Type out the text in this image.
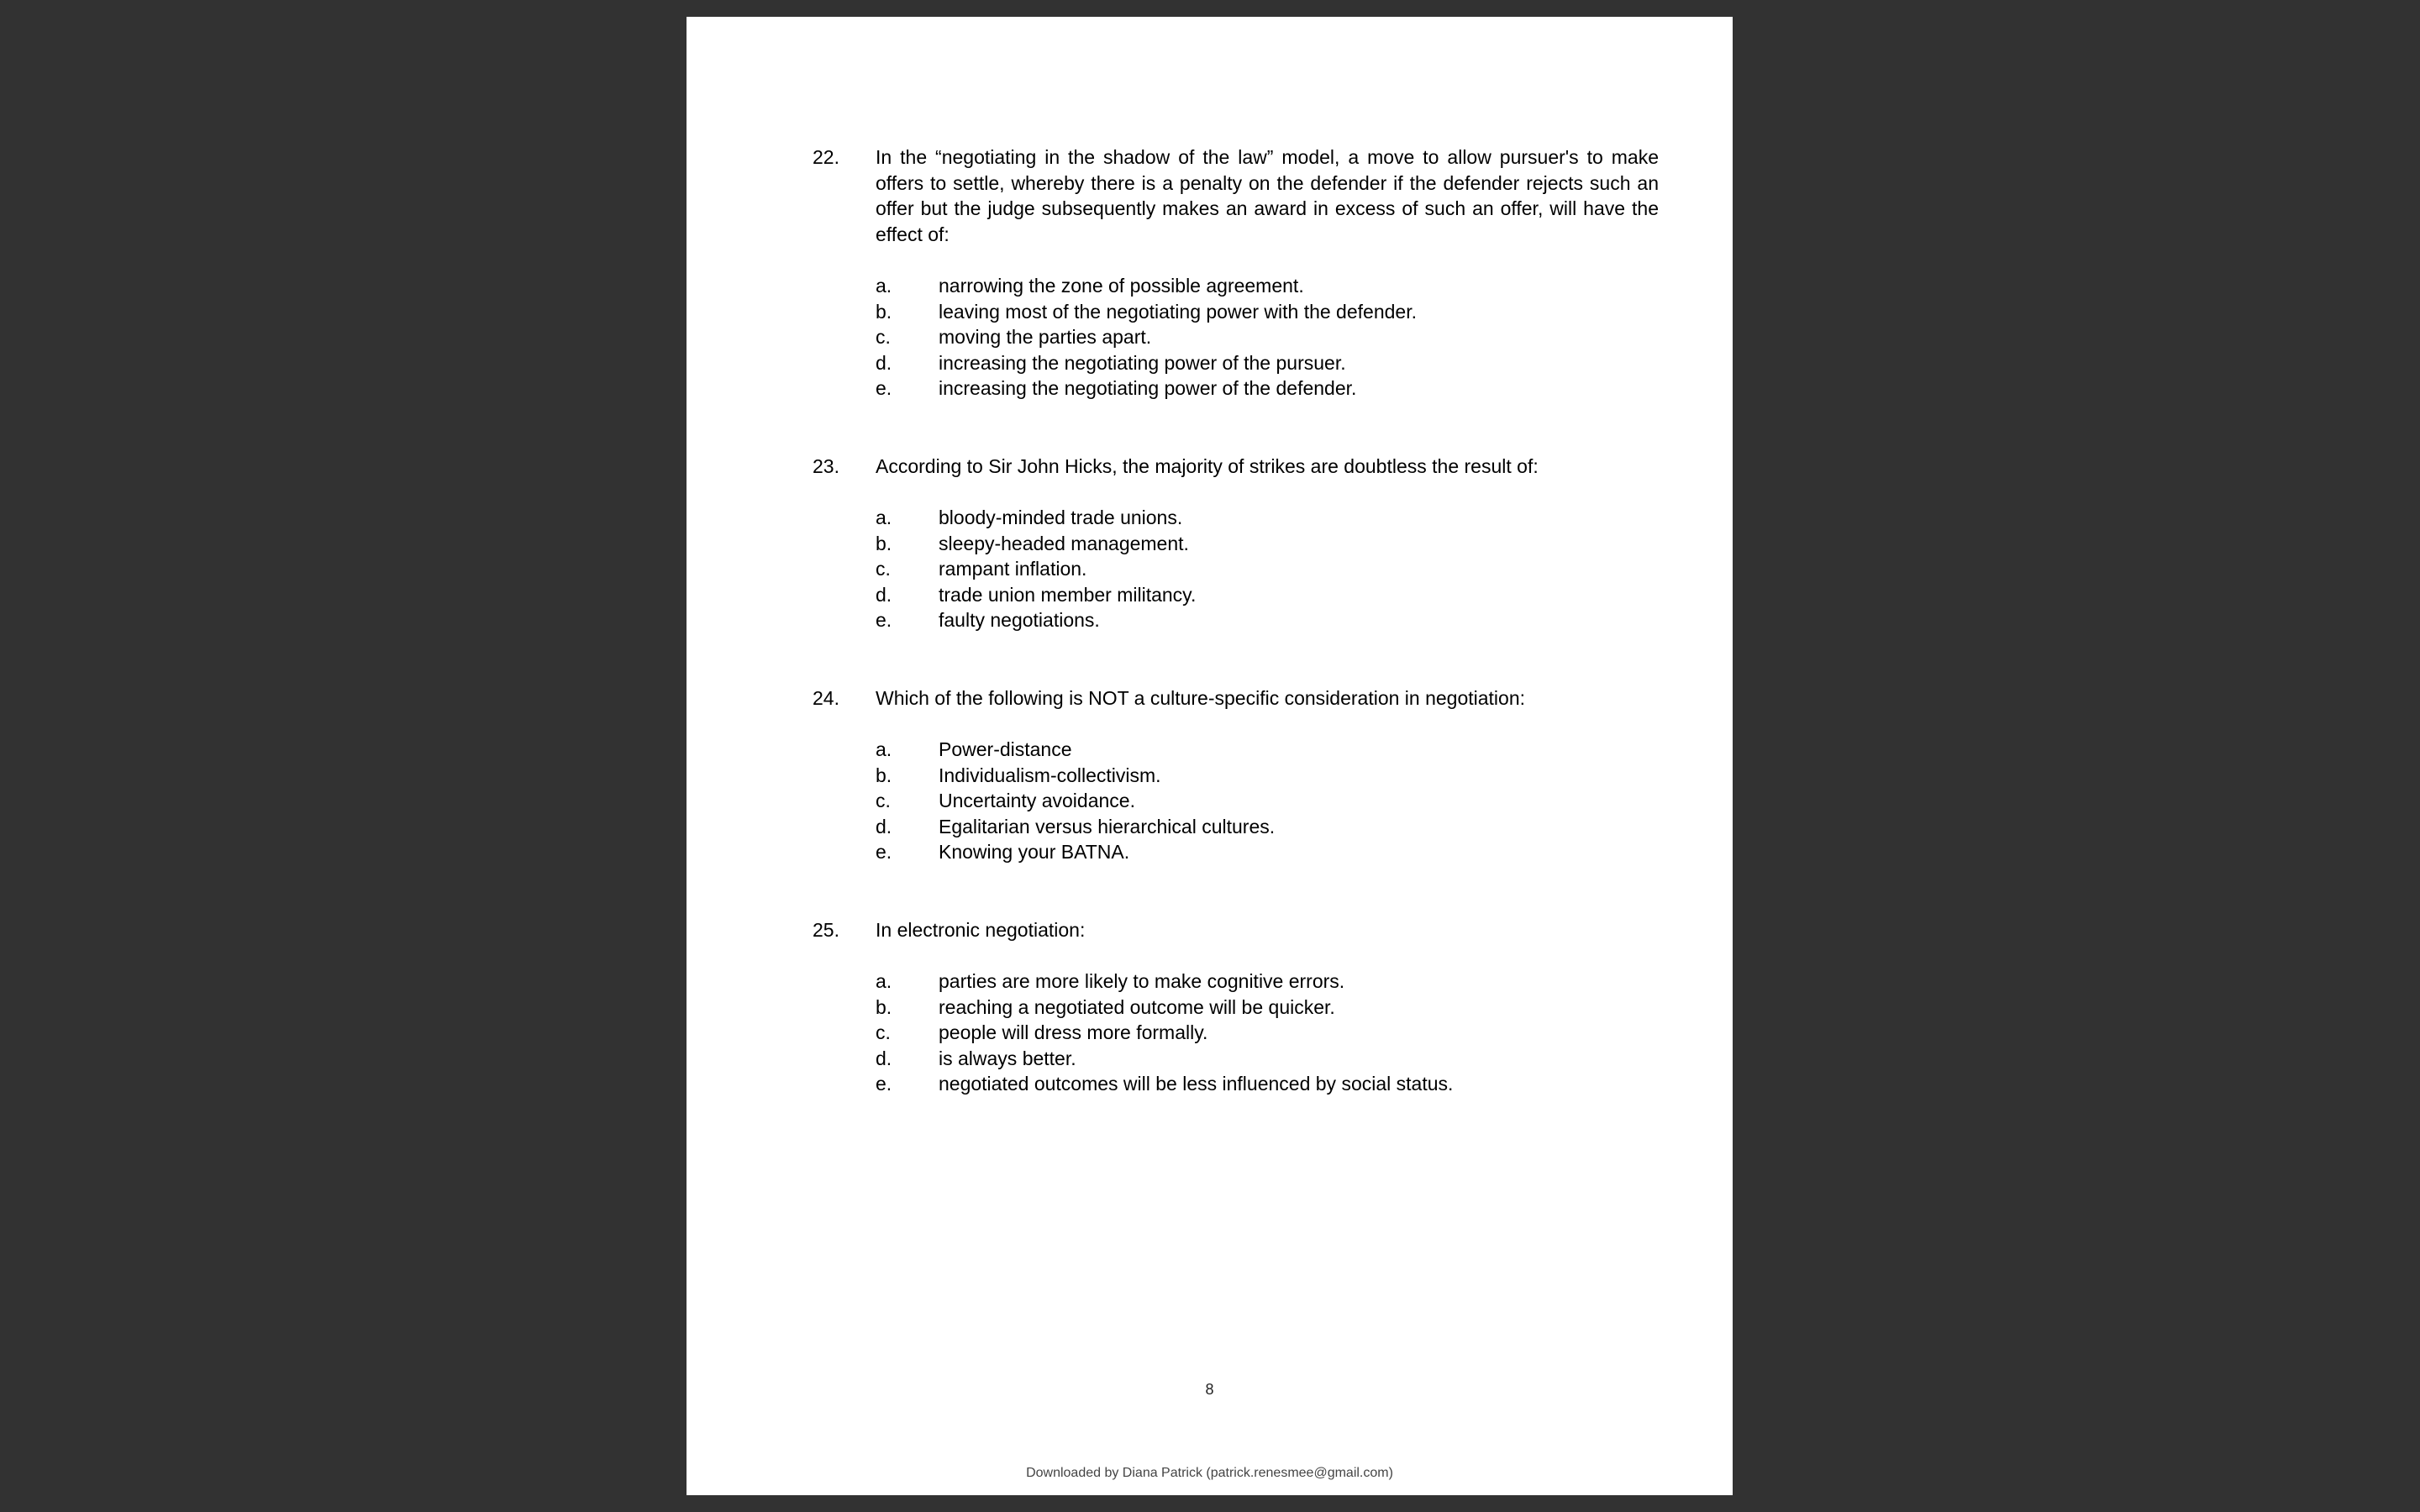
22.	In the “negotiating in the shadow of the law” model, a move to allow pursuer's to make offers to settle, whereby there is a penalty on the defender if the defender rejects such an offer but the judge subsequently makes an award in excess of such an offer, will have the effect of:
a.	narrowing the zone of possible agreement.
b.	leaving most of the negotiating power with the defender.
c.	moving the parties apart.
d.	increasing the negotiating power of the pursuer.
e.	increasing the negotiating power of the defender.
23.	According to Sir John Hicks, the majority of strikes are doubtless the result of:
a.	bloody-minded trade unions.
b.	sleepy-headed management.
c.	rampant inflation.
d.	trade union member militancy.
e.	faulty negotiations.
24.	Which of the following is NOT a culture-specific consideration in negotiation:
a.	Power-distance
b.	Individualism-collectivism.
c.	Uncertainty avoidance.
d.	Egalitarian versus hierarchical cultures.
e.	Knowing your BATNA.
25.	In electronic negotiation:
a.	parties are more likely to make cognitive errors.
b.	reaching a negotiated outcome will be quicker.
c.	people will dress more formally.
d.	is always better.
e.	negotiated outcomes will be less influenced by social status.
8
Downloaded by Diana Patrick (patrick.renesmee@gmail.com)
